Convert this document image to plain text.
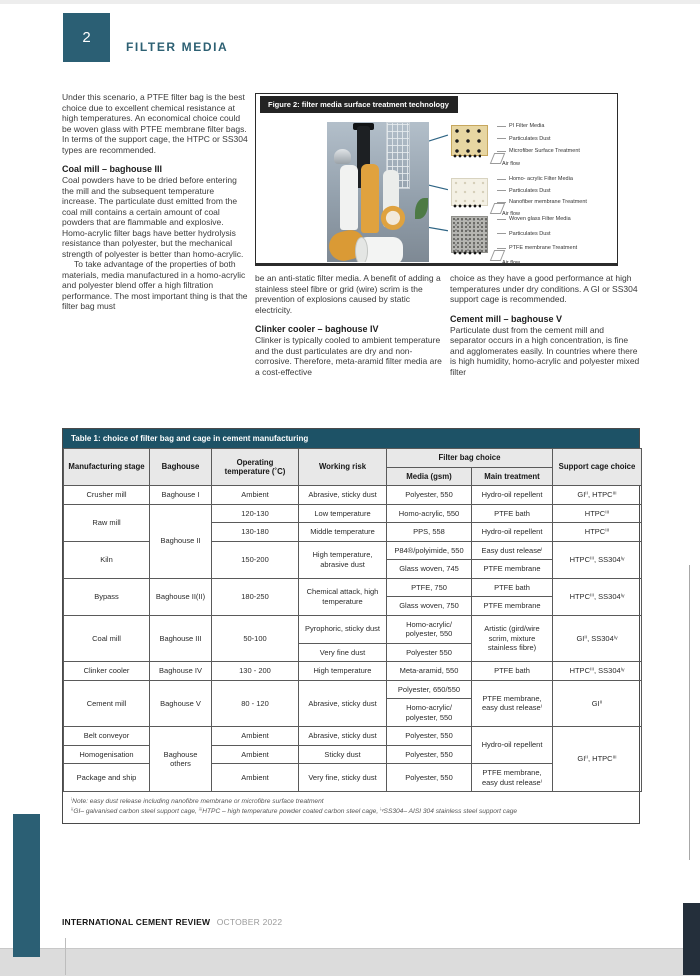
2
FILTER MEDIA

Under this scenario, a PTFE filter bag is the best choice due to excellent chemical resistance at high temperatures. An economical choice could be woven glass with PTFE membrane filter bags. In terms of the support cage, the HTPC or SS304 types are recommended.

Coal mill – baghouse III

Coal powders have to be dried before entering the mill and the subsequent temperature increase. The particulate dust emitted from the coal mill contains a certain amount of coal powders that are flammable and explosive. Homo-acrylic filter bags have better hydrolysis resistance than polyester, but the mechanical strength of polyester is better than homo-acrylic.

To take advantage of the properties of both materials, media manufactured in a homo-acrylic and polyester blend offer a high filtration performance. The most important thing is that the filter bag must

PI Filter Media
Particulates Dust
Microfiber Surface Treatment
Air flow
Homo- acrylic Filter Media
Particulates Dust
Nanofiber membrane Treatment
Air flow
Woven glass Filter Media
Particulates Dust
PTFE membrane Treatment
Air flow
Figure 2: filter media surface treatment technology

be an anti-static filter media. A benefit of adding a stainless steel fibre or grid (wire) scrim is the prevention of explosions caused by static electricity.

Clinker cooler – baghouse IV

Clinker is typically cooled to ambient temperature and the dust particulates are dry and non-corrosive. Therefore, meta-aramid filter media are a cost-effective

choice as they have a good performance at high temperatures under dry conditions. A GI or SS304 support cage is recommended.

Cement mill – baghouse V

Particulate dust from the cement mill and separator occurs in a high concentration, is fine and agglomerates easily. In countries where there is high humidity, homo-acrylic and polyester mixed filter

Table 1: choice of filter bag and cage in cement manufacturing
Manufacturing stage	Baghouse	Operating temperature (˚C)	Working risk	Filter bag choice		Support cage choice
				Media (gsm)	Main treatment	
Crusher mill	Baghouse I	Ambient	Abrasive, sticky dust	Polyester, 550	Hydro-oil repellent	GIⁱⁱ, HTPCⁱⁱⁱ
Raw mill	Baghouse II	120-130	Low temperature	Homo-acrylic, 550	PTFE bath	HTPCⁱⁱⁱ
		130-180	Middle temperature	PPS, 558	Hydro-oil repellent	HTPCⁱⁱⁱ
Kiln		150-200	High temperature, abrasive dust	P84®/polyimide, 550	Easy dust releaseⁱ	HTPCⁱⁱⁱ, SS304ⁱᵛ
				Glass woven, 745	PTFE membrane	
Bypass	Baghouse II(II)	180-250	Chemical attack, high temperature	PTFE, 750	PTFE bath	HTPCⁱⁱⁱ, SS304ⁱᵛ
				Glass woven, 750	PTFE membrane	
Coal mill	Baghouse III	50-100	Pyrophoric, sticky dust	Homo-acrylic/ polyester, 550	Artistic (gird/wire scrim, mixture stainless fibre)	GIⁱⁱ, SS304ⁱᵛ
			Very fine dust	Polyester 550		
Clinker cooler	Baghouse IV	130 - 200	High temperature	Meta-aramid, 550	PTFE bath	HTPCⁱⁱⁱ, SS304ⁱᵛ
Cement mill	Baghouse V	80 - 120	Abrasive, sticky dust	Polyester, 650/550	PTFE membrane, easy dust releaseⁱ	GIⁱⁱ
				Homo-acrylic/ polyester, 550		
Belt conveyor	Baghouse others	Ambient	Abrasive, sticky dust	Polyester, 550	Hydro-oil repellent	GIⁱⁱ, HTPCⁱⁱⁱ
Homogenisation		Ambient	Sticky dust	Polyester, 550		
Package and ship		Ambient	Very fine, sticky dust	Polyester, 550	PTFE membrane, easy dust releaseⁱ	
ⁱNote: easy dust release including nanofibre membrane or microfibre surface treatment
ⁱⁱGI– galvanised carbon steel support cage, ⁱⁱⁱHTPC – high temperature powder coated carbon steel cage, ⁱᵛSS304– AISI 304 stainless steel support cage
INTERNATIONAL CEMENT REVIEW OCTOBER 2022
